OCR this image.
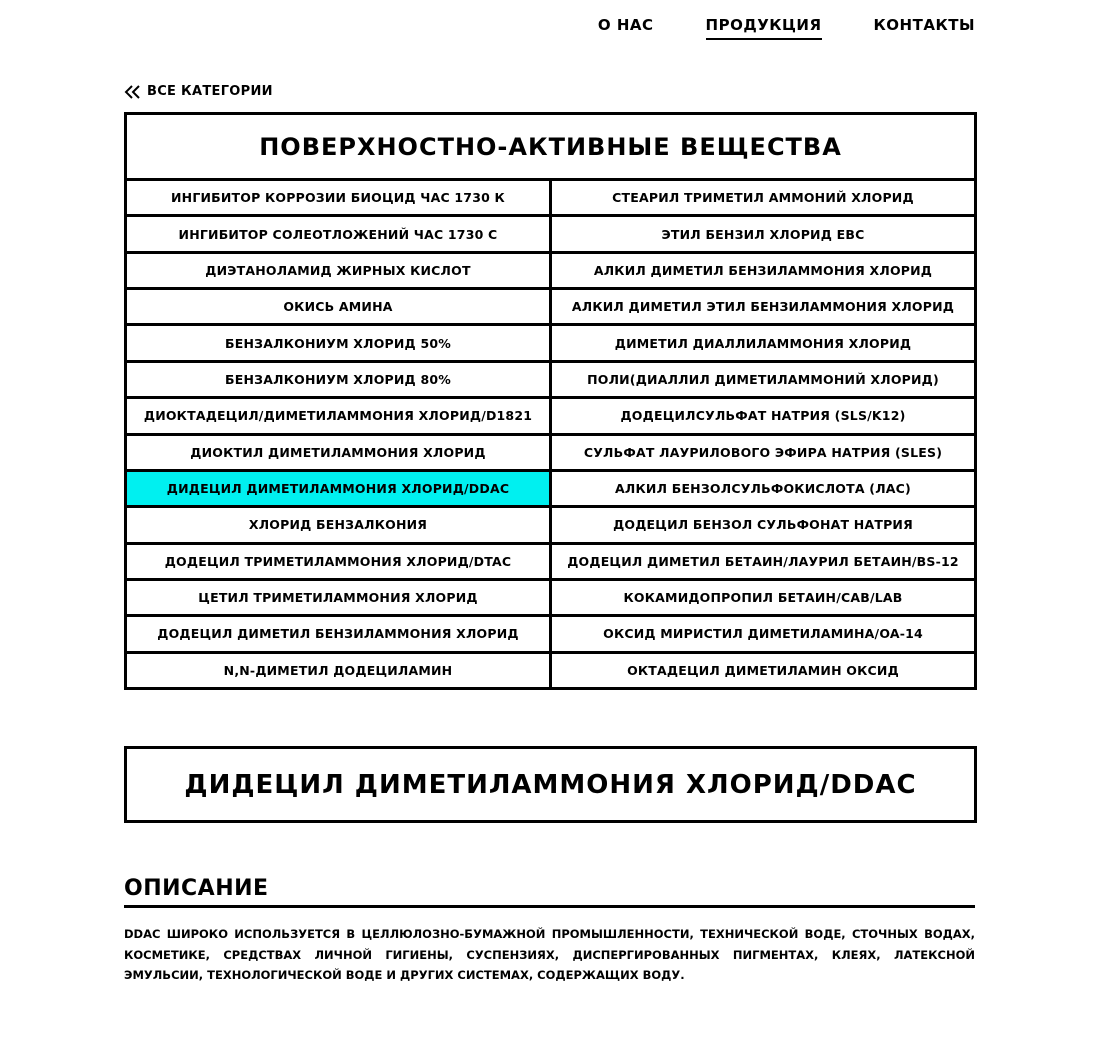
О НАС	ПРОДУКЦИЯ	КОНТАКТЫ
ВСЕ КАТЕГОРИИ
ПОВЕРХНОСТНО-АКТИВНЫЕ ВЕЩЕСТВА
ИНГИБИТОР КОРРОЗИИ БИОЦИД ЧАС 1730 К
ИНГИБИТОР СОЛЕОТЛОЖЕНИЙ ЧАС 1730 С
ДИЭТАНОЛАМИД ЖИРНЫХ КИСЛОТ
ОКИСЬ АМИНА
БЕНЗАЛКОНИУМ ХЛОРИД 50%
БЕНЗАЛКОНИУМ ХЛОРИД 80%
ДИОКТАДЕЦИЛ/ДИМЕТИЛАММОНИЯ ХЛОРИД/D1821
ДИОКТИЛ ДИМЕТИЛАММОНИЯ ХЛОРИД
ДИДЕЦИЛ ДИМЕТИЛАММОНИЯ ХЛОРИД/DDAC
ХЛОРИД БЕНЗАЛКОНИЯ
ДОДЕЦИЛ ТРИМЕТИЛАММОНИЯ ХЛОРИД/DTAC
ЦЕТИЛ ТРИМЕТИЛАММОНИЯ ХЛОРИД
ДОДЕЦИЛ ДИМЕТИЛ БЕНЗИЛАММОНИЯ ХЛОРИД
N,N-ДИМЕТИЛ ДОДЕЦИЛАМИН
СТЕАРИЛ ТРИМЕТИЛ АММОНИЙ ХЛОРИД
ЭТИЛ БЕНЗИЛ ХЛОРИД EBC
АЛКИЛ ДИМЕТИЛ БЕНЗИЛАММОНИЯ ХЛОРИД
АЛКИЛ ДИМЕТИЛ ЭТИЛ БЕНЗИЛАММОНИЯ ХЛОРИД
ДИМЕТИЛ ДИАЛЛИЛАММОНИЯ ХЛОРИД
ПОЛИ(ДИАЛЛИЛ ДИМЕТИЛАММОНИЙ ХЛОРИД)
ДОДЕЦИЛСУЛЬФАТ НАТРИЯ (SLS/K12)
СУЛЬФАТ ЛАУРИЛОВОГО ЭФИРА НАТРИЯ (SLES)
АЛКИЛ БЕНЗОЛСУЛЬФОКИСЛОТА (ЛАС)
ДОДЕЦИЛ БЕНЗОЛ СУЛЬФОНАТ НАТРИЯ
ДОДЕЦИЛ ДИМЕТИЛ БЕТАИН/ЛАУРИЛ БЕТАИН/BS-12
КОКАМИДОПРОПИЛ БЕТАИН/CAB/LAB
ОКСИД МИРИСТИЛ ДИМЕТИЛАМИНА/OA-14
ОКТАДЕЦИЛ ДИМЕТИЛАМИН ОКСИД
ДИДЕЦИЛ ДИМЕТИЛАММОНИЯ ХЛОРИД/DDAC
ОПИСАНИЕ

DDAC ШИРОКО ИСПОЛЬЗУЕТСЯ В ЦЕЛЛЮЛОЗНО-БУМАЖНОЙ ПРОМЫШЛЕННОСТИ, ТЕХНИЧЕСКОЙ ВОДЕ, СТОЧНЫХ ВОДАХ, КОСМЕТИКЕ, СРЕДСТВАХ ЛИЧНОЙ ГИГИЕНЫ, СУСПЕНЗИЯХ, ДИСПЕРГИРОВАННЫХ ПИГМЕНТАХ, КЛЕЯХ, ЛАТЕКСНОЙ ЭМУЛЬСИИ, ТЕХНОЛОГИЧЕСКОЙ ВОДЕ И ДРУГИХ СИСТЕМАХ, СОДЕРЖАЩИХ ВОДУ.
